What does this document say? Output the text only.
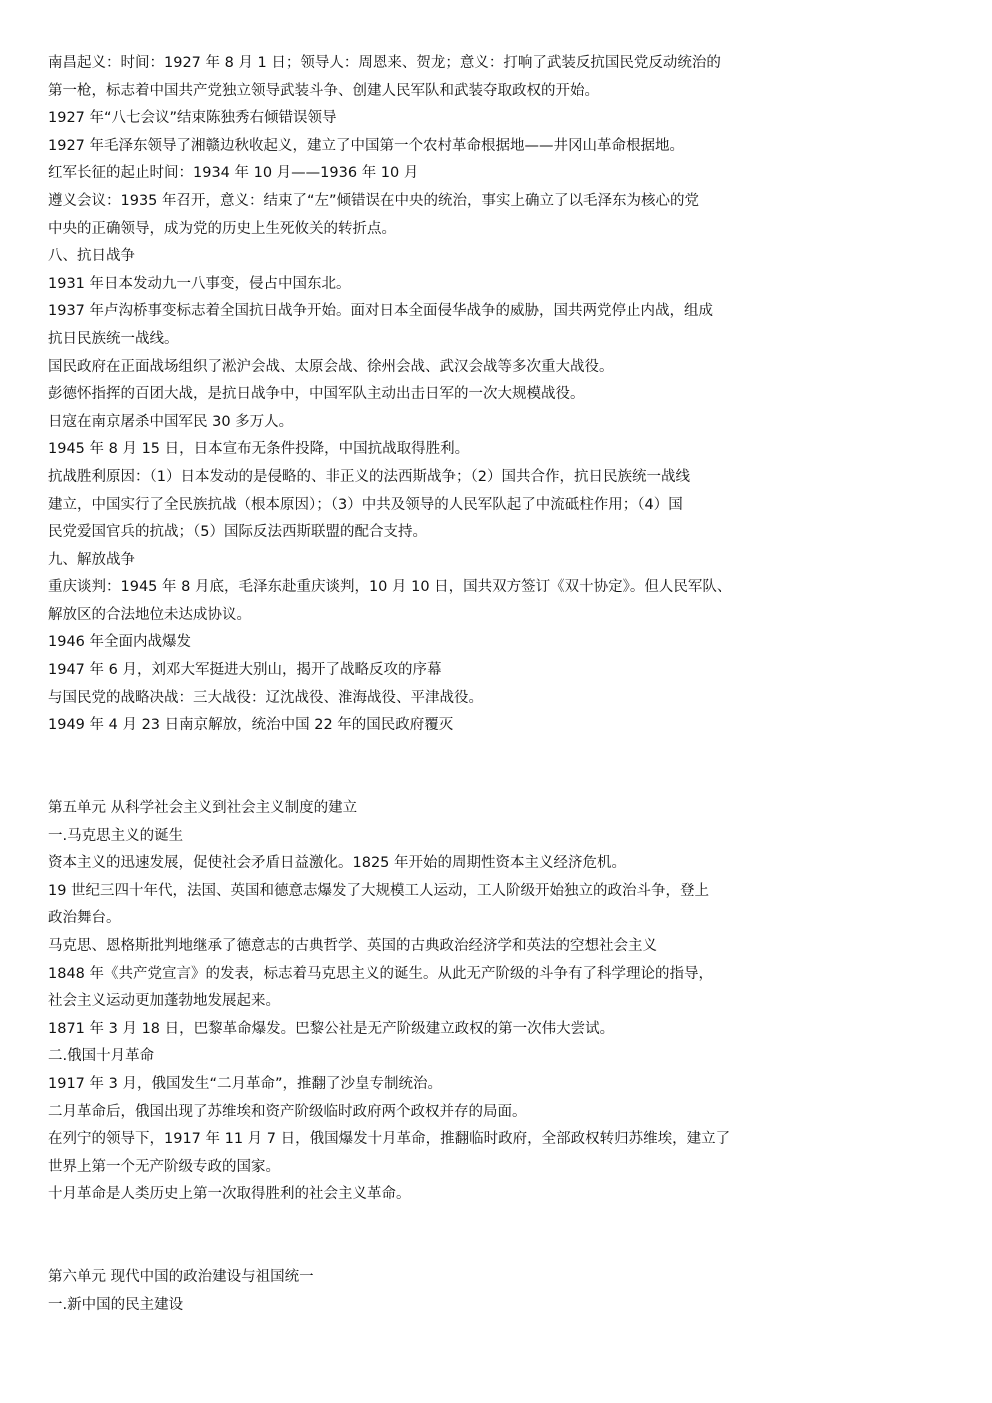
南昌起义：时间：1927 年 8 月 1 日；领导人：周恩来、贺龙；意义：打响了武装反抗国民党反动统治的
第一枪，标志着中国共产党独立领导武装斗争、创建人民军队和武装夺取政权的开始。
1927 年“八七会议”结束陈独秀右倾错误领导
1927 年毛泽东领导了湘赣边秋收起义，建立了中国第一个农村革命根据地——井冈山革命根据地。
红军长征的起止时间：1934 年 10 月——1936 年 10 月
遵义会议：1935 年召开，意义：结束了“左”倾错误在中央的统治，事实上确立了以毛泽东为核心的党
中央的正确领导，成为党的历史上生死攸关的转折点。
八、抗日战争
1931 年日本发动九一八事变，侵占中国东北。
1937 年卢沟桥事变标志着全国抗日战争开始。面对日本全面侵华战争的威胁，国共两党停止内战，组成
抗日民族统一战线。
国民政府在正面战场组织了淞沪会战、太原会战、徐州会战、武汉会战等多次重大战役。
彭德怀指挥的百团大战，是抗日战争中，中国军队主动出击日军的一次大规模战役。
日寇在南京屠杀中国军民 30 多万人。
1945 年 8 月 15 日，日本宣布无条件投降，中国抗战取得胜利。
抗战胜利原因：（1）日本发动的是侵略的、非正义的法西斯战争；（2）国共合作，抗日民族统一战线
建立，中国实行了全民族抗战（根本原因）；（3）中共及领导的人民军队起了中流砥柱作用；（4）国
民党爱国官兵的抗战；（5）国际反法西斯联盟的配合支持。
九、解放战争
重庆谈判：1945 年 8 月底，毛泽东赴重庆谈判，10 月 10 日，国共双方签订《双十协定》。但人民军队、
解放区的合法地位未达成协议。
1946 年全面内战爆发
1947 年 6 月，刘邓大军挺进大别山，揭开了战略反攻的序幕
与国民党的战略决战：三大战役：辽沈战役、淮海战役、平津战役。
1949 年 4 月 23 日南京解放，统治中国 22 年的国民政府覆灭
第五单元 从科学社会主义到社会主义制度的建立
一.马克思主义的诞生
资本主义的迅速发展，促使社会矛盾日益激化。1825 年开始的周期性资本主义经济危机。
19 世纪三四十年代，法国、英国和德意志爆发了大规模工人运动，工人阶级开始独立的政治斗争，登上
政治舞台。
马克思、恩格斯批判地继承了德意志的古典哲学、英国的古典政治经济学和英法的空想社会主义
1848 年《共产党宣言》的发表，标志着马克思主义的诞生。从此无产阶级的斗争有了科学理论的指导，
社会主义运动更加蓬勃地发展起来。
1871 年 3 月 18 日，巴黎革命爆发。巴黎公社是无产阶级建立政权的第一次伟大尝试。
二.俄国十月革命
1917 年 3 月，俄国发生“二月革命”，推翻了沙皇专制统治。
二月革命后，俄国出现了苏维埃和资产阶级临时政府两个政权并存的局面。
在列宁的领导下，1917 年 11 月 7 日，俄国爆发十月革命，推翻临时政府，全部政权转归苏维埃，建立了
世界上第一个无产阶级专政的国家。
十月革命是人类历史上第一次取得胜利的社会主义革命。
第六单元 现代中国的政治建设与祖国统一
一.新中国的民主建设
